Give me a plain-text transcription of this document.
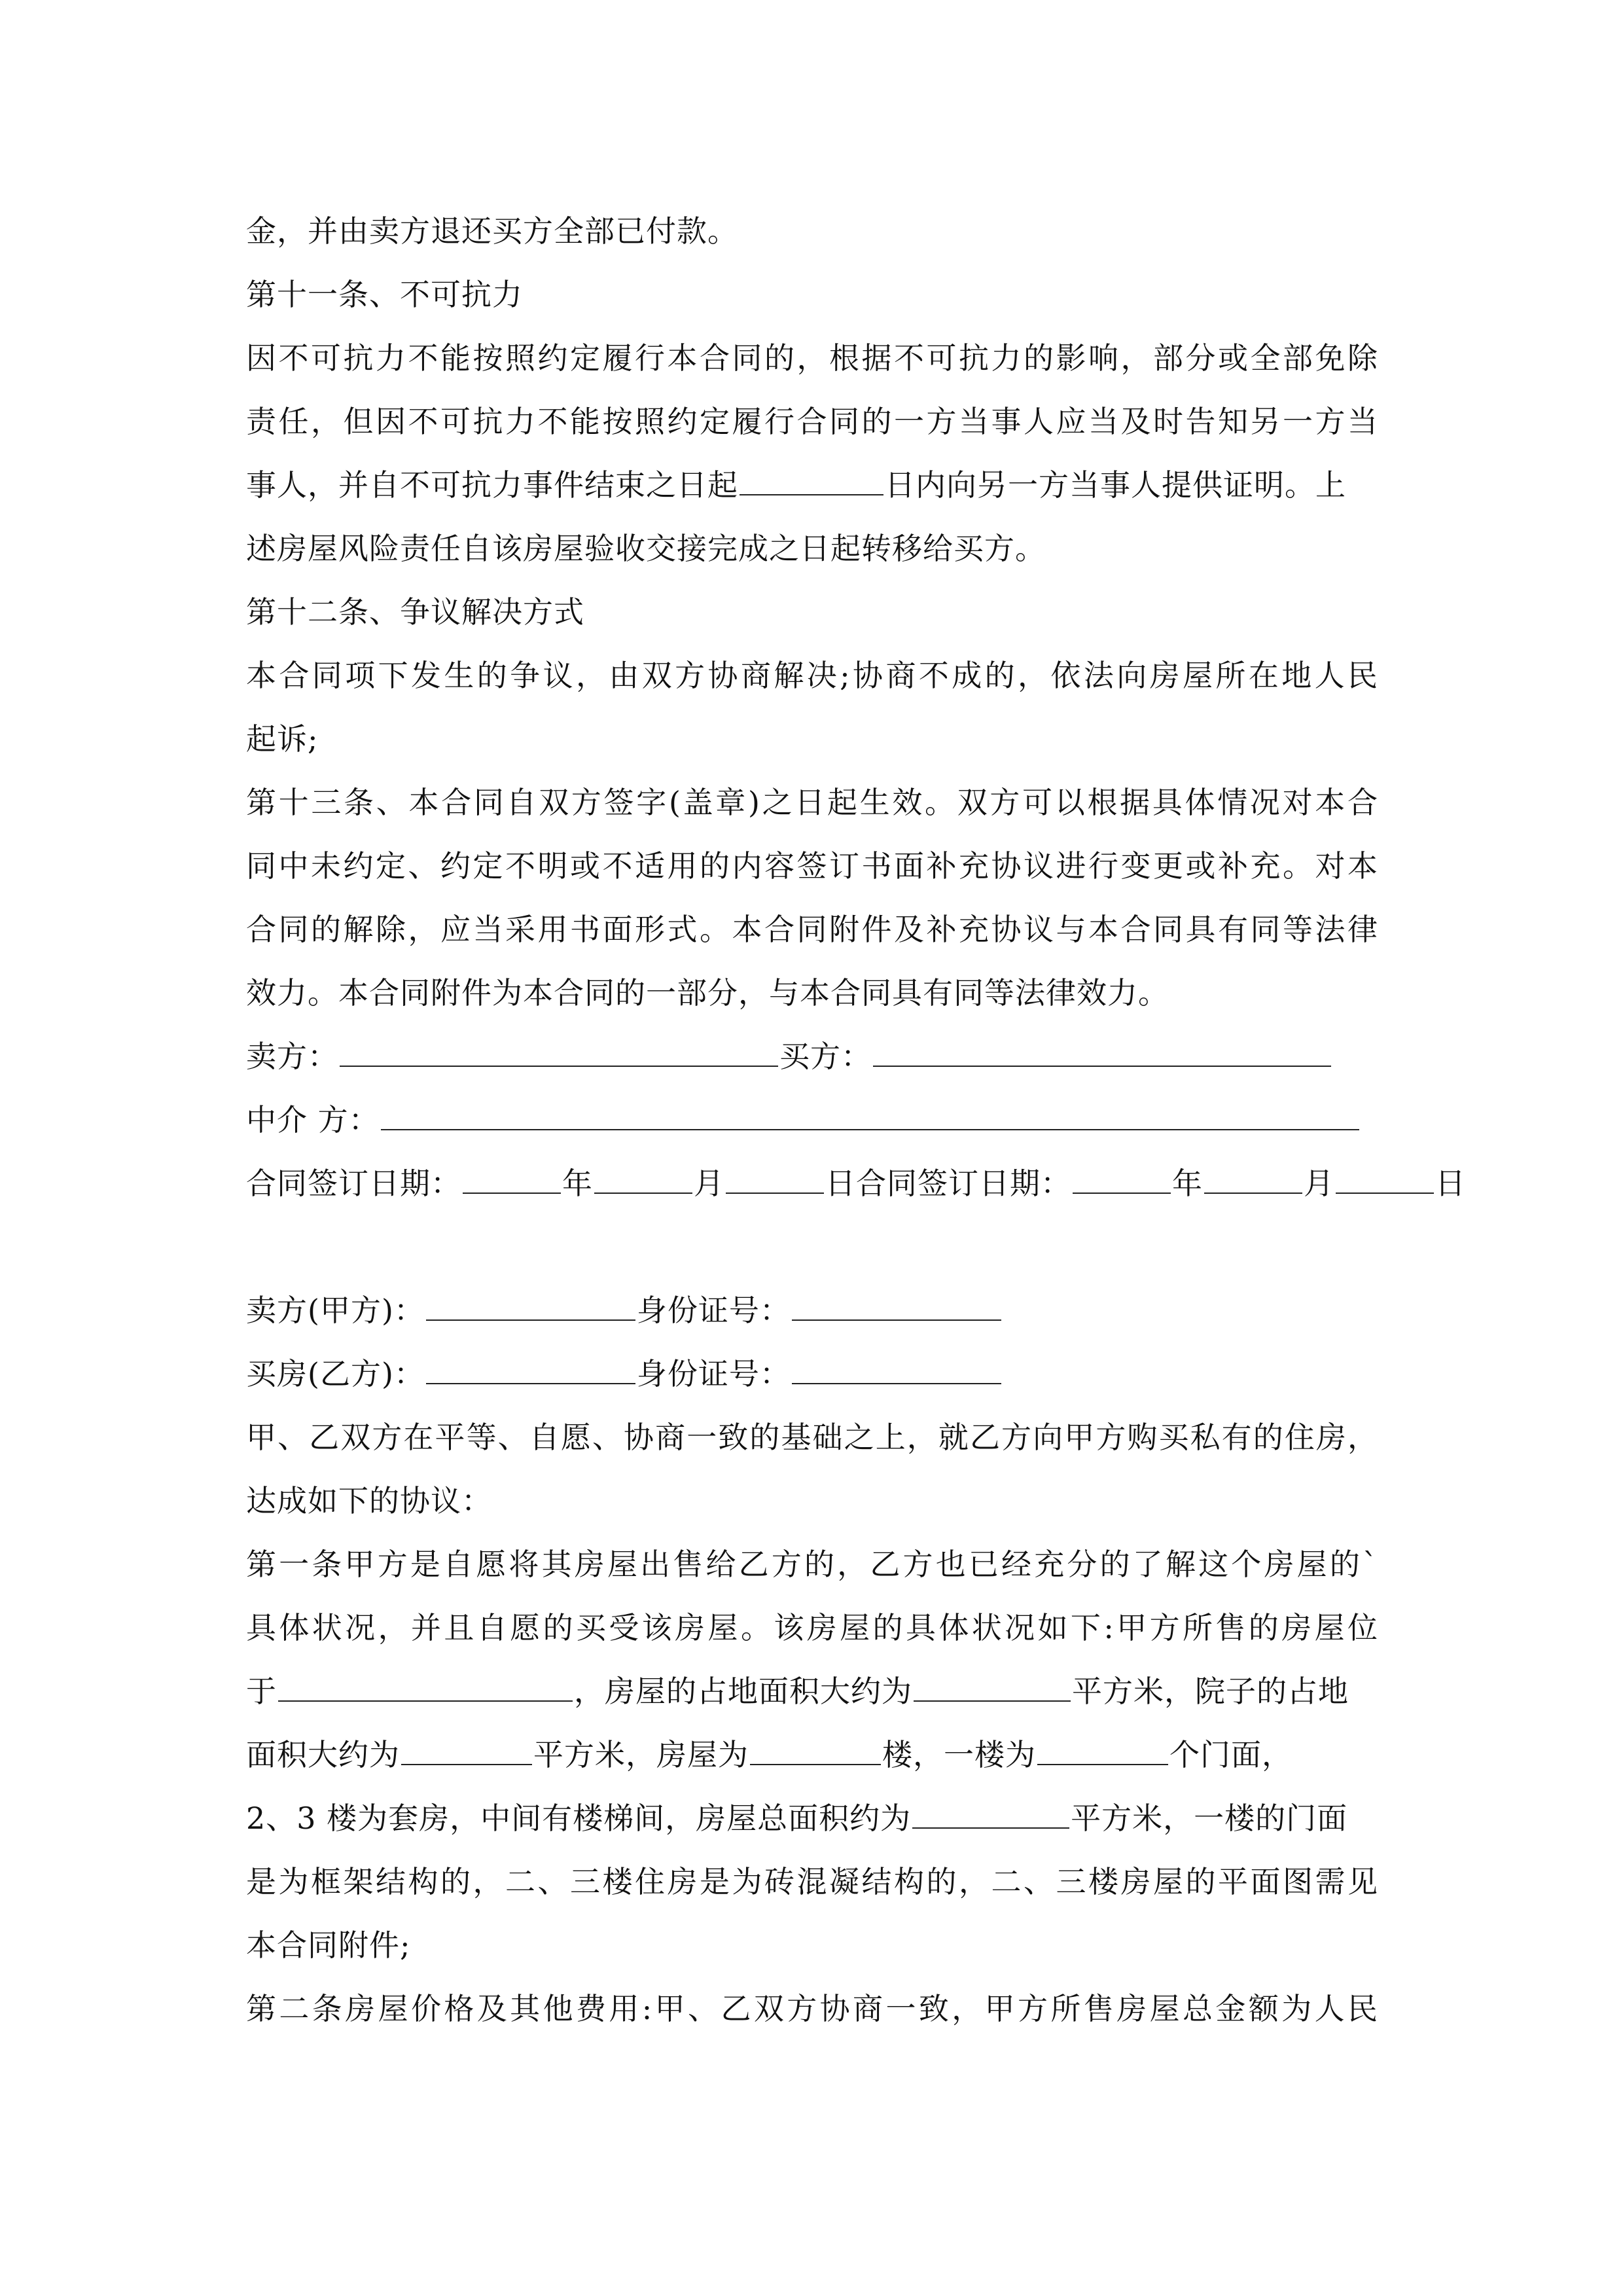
金，并由卖方退还买方全部已付款。
第十一条、不可抗力
因不可抗力不能按照约定履行本合同的，根据不可抗力的影响，部分或全部免除
责任，但因不可抗力不能按照约定履行合同的一方当事人应当及时告知另一方当
事人，并自不可抗力事件结束之日起	日内向另一方当事人提供证明。上
述房屋风险责任自该房屋验收交接完成之日起转移给买方。
第十二条、争议解决方式
本合同项下发生的争议，由双方协商解决;协商不成的，依法向房屋所在地人民
起诉;
第十三条、本合同自双方签字(盖章)之日起生效。双方可以根据具体情况对本合
同中未约定、约定不明或不适用的内容签订书面补充协议进行变更或补充。对本
合同的解除，应当采用书面形式。本合同附件及补充协议与本合同具有同等法律
效力。本合同附件为本合同的一部分，与本合同具有同等法律效力。
卖方：	买方：
中介 方：
合同签订日期：	年	月	日合同签订日期：	年	月	日
卖方(甲方)：	身份证号：
买房(乙方)：	身份证号：
甲、乙双方在平等、自愿、协商一致的基础之上，就乙方向甲方购买私有的住房，
达成如下的协议：
第一条甲方是自愿将其房屋出售给乙方的，乙方也已经充分的了解这个房屋的`
具体状况，并且自愿的买受该房屋。该房屋的具体状况如下:甲方所售的房屋位
于	，房屋的占地面积大约为	平方米，院子的占地
面积大约为	平方米，房屋为	楼，一楼为	个门面，
2、3 楼为套房，中间有楼梯间，房屋总面积约为	平方米，一楼的门面
是为框架结构的，二、三楼住房是为砖混凝结构的，二、三楼房屋的平面图需见
本合同附件;
第二条房屋价格及其他费用:甲、乙双方协商一致，甲方所售房屋总金额为人民
